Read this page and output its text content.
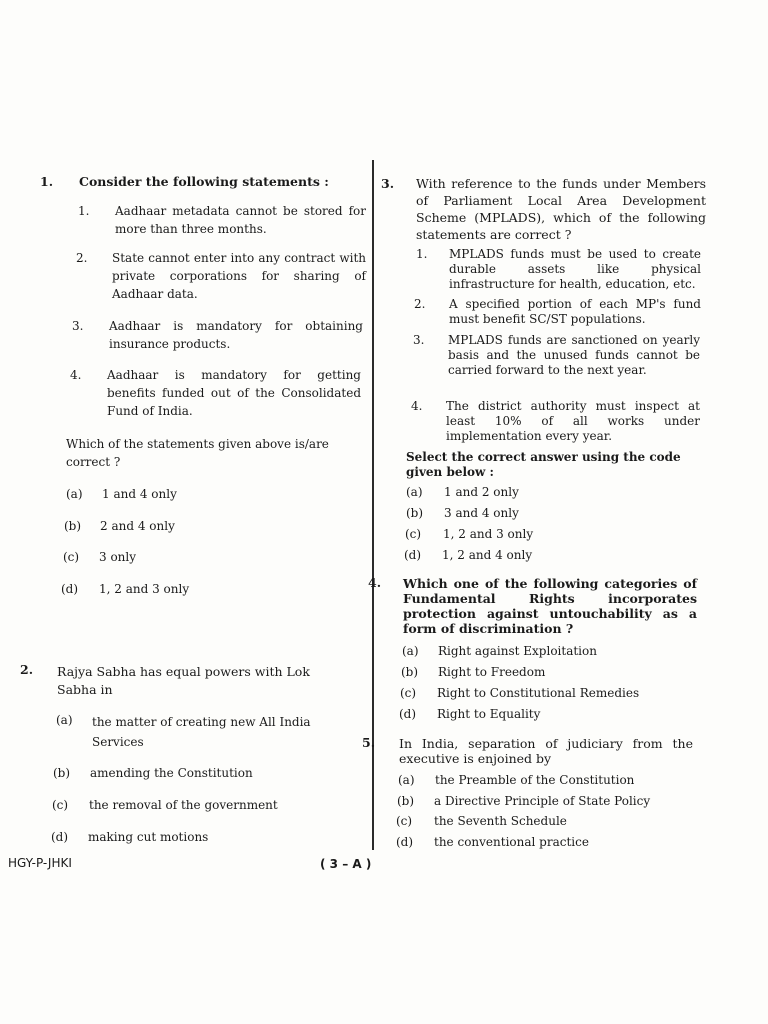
1. Consider the following statements :
1. Aadhaar metadata cannot be stored for more than three months.
2. State cannot enter into any contract with private corporations for sharing of Aadhaar data.
3. Aadhaar is mandatory for obtaining insurance products.
4. Aadhaar is mandatory for getting benefits funded out of the Consolidated Fund of India.
Which of the statements given above is/are correct ?
(a) 1 and 4 only
(b) 2 and 4 only
(c) 3 only
(d) 1, 2 and 3 only
2. Rajya Sabha has equal powers with Lok Sabha in
(a) the matter of creating new All India Services
(b) amending the Constitution
(c) the removal of the government
(d) making cut motions
3. With reference to the funds under Members of Parliament Local Area Development Scheme (MPLADS), which of the following statements are correct ?
1. MPLADS funds must be used to create durable assets like physical infrastructure for health, education, etc.
2. A specified portion of each MP's fund must benefit SC/ST populations.
3. MPLADS funds are sanctioned on yearly basis and the unused funds cannot be carried forward to the next year.
4. The district authority must inspect at least 10% of all works under implementation every year.
Select the correct answer using the code given below :
(a) 1 and 2 only
(b) 3 and 4 only
(c) 1, 2 and 3 only
(d) 1, 2 and 4 only
4. Which one of the following categories of Fundamental Rights incorporates protection against untouchability as a form of discrimination ?
(a) Right against Exploitation
(b) Right to Freedom
(c) Right to Constitutional Remedies
(d) Right to Equality
5. In India, separation of judiciary from the executive is enjoined by
(a) the Preamble of the Constitution
(b) a Directive Principle of State Policy
(c) the Seventh Schedule
(d) the conventional practice
HGY-P-JHKI	( 3 – A )
